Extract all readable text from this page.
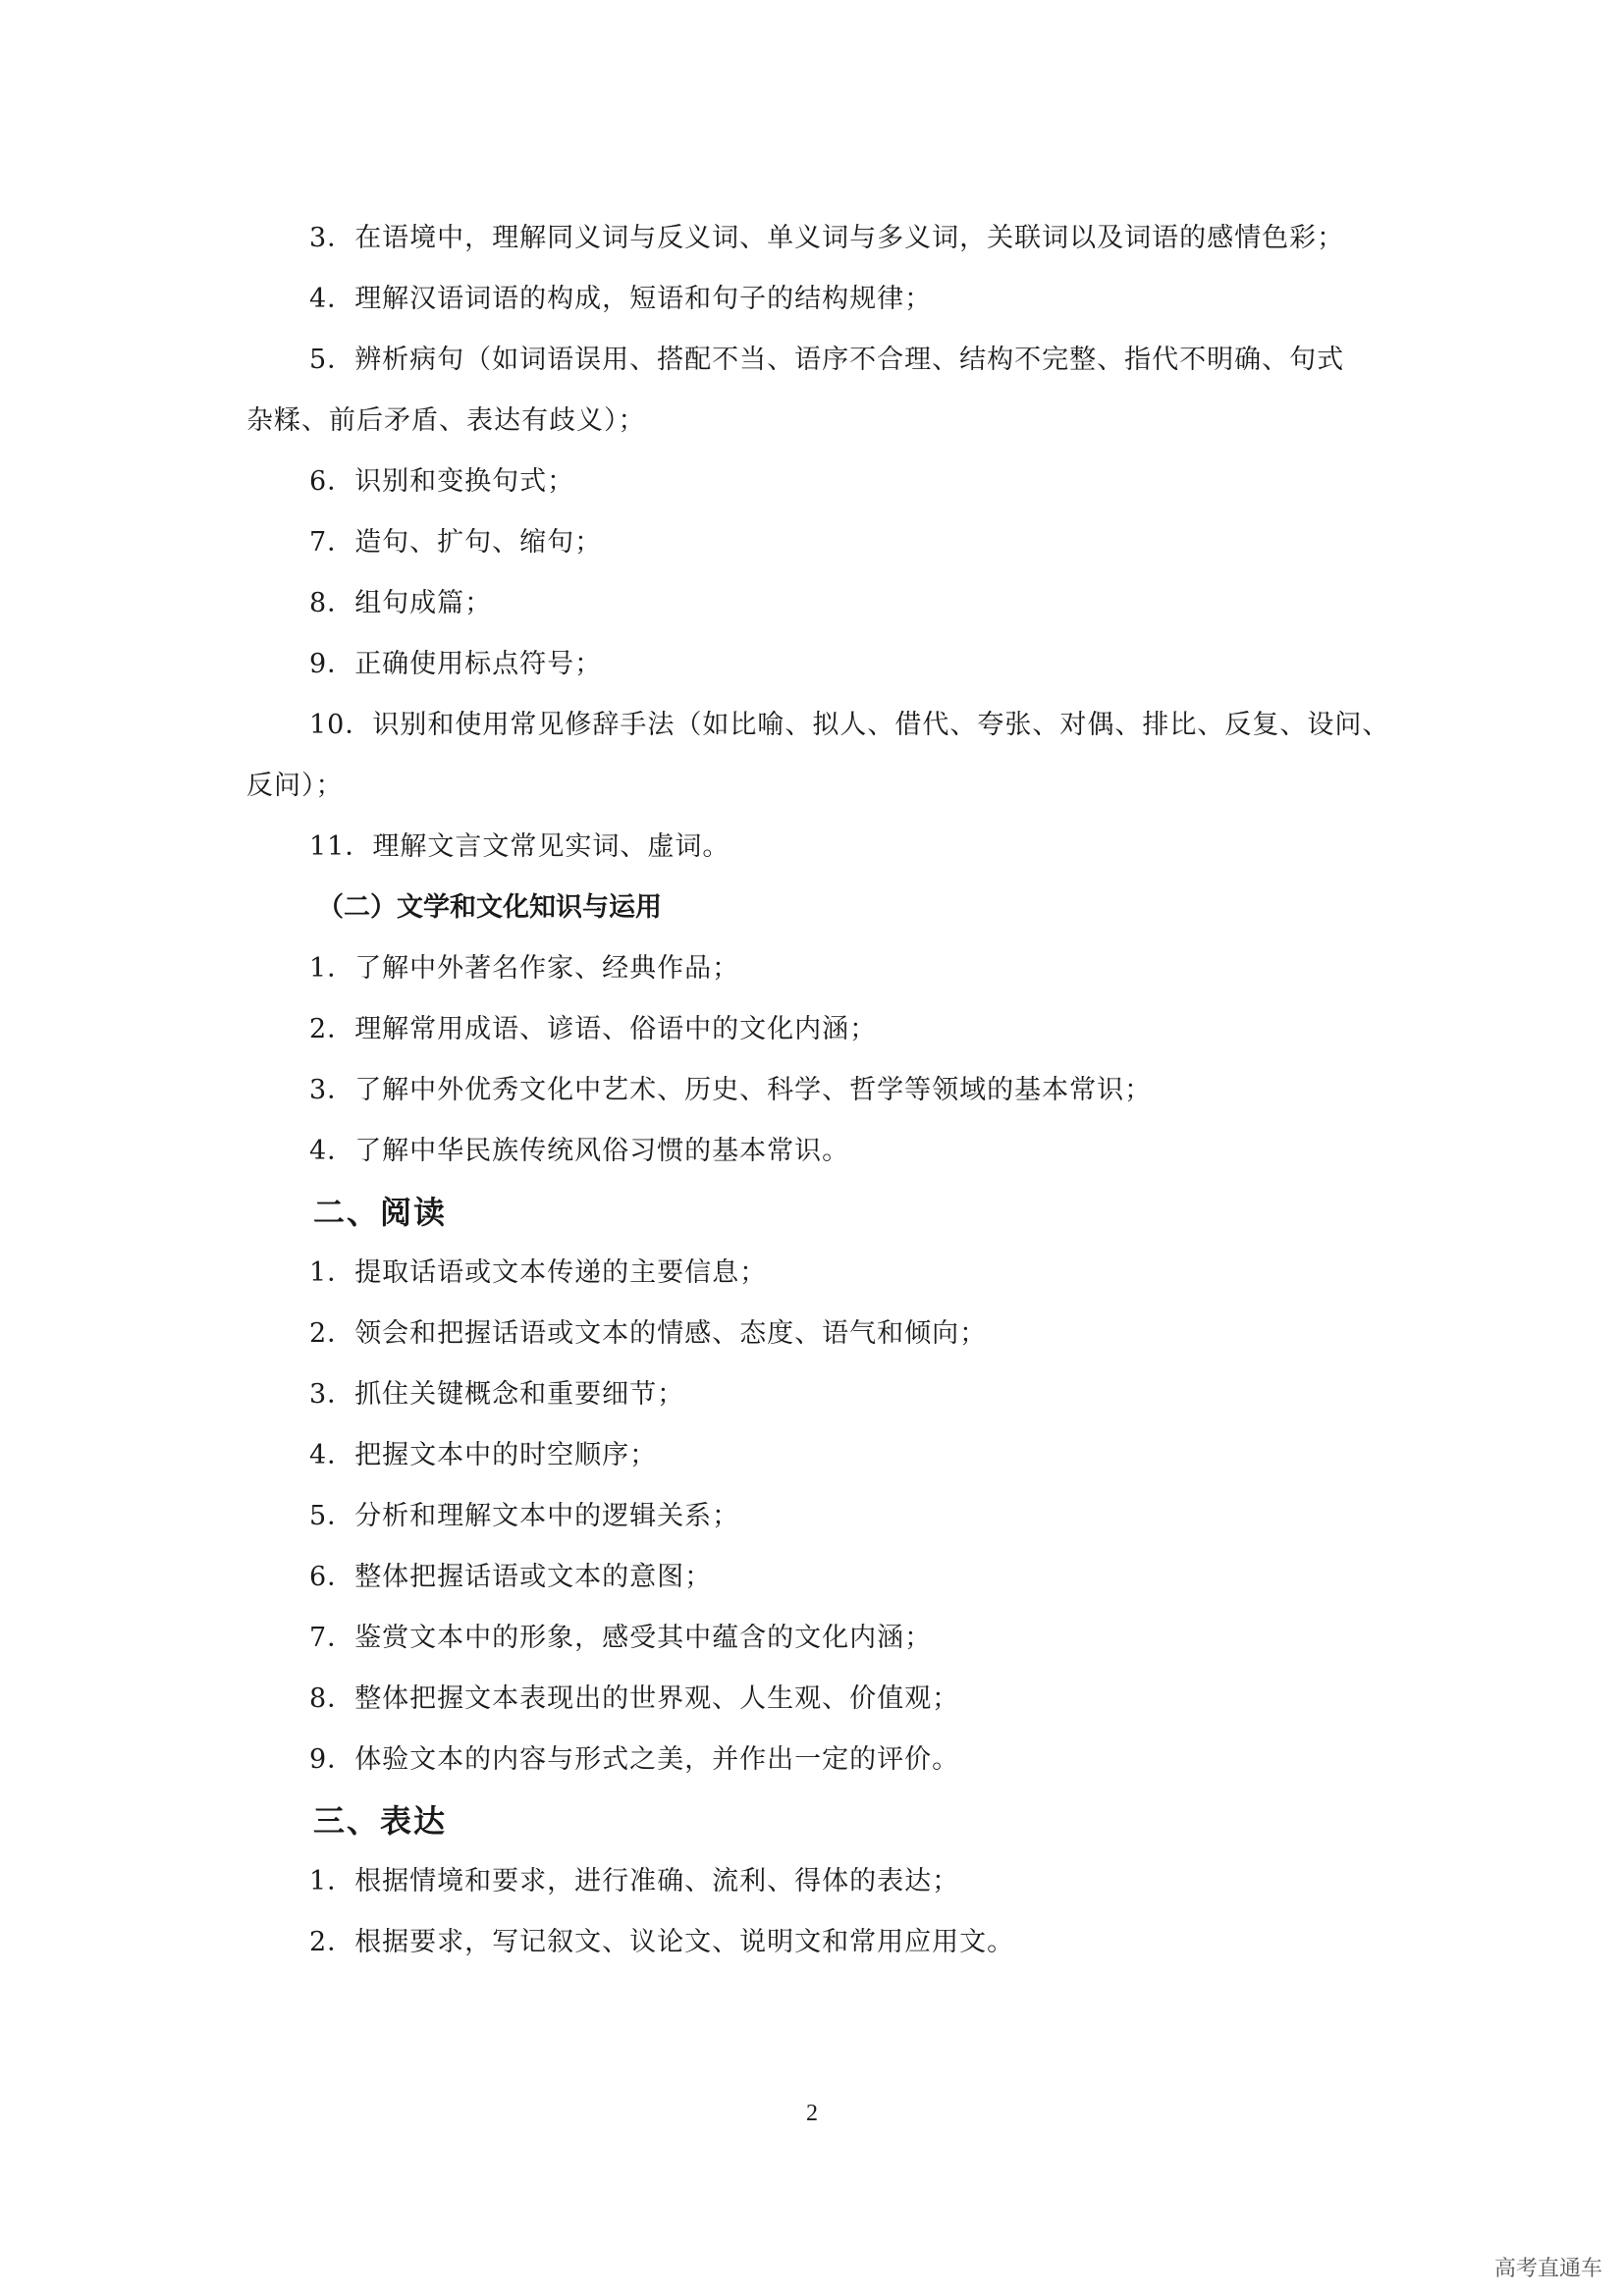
3．在语境中，理解同义词与反义词、单义词与多义词，关联词以及词语的感情色彩；
4．理解汉语词语的构成，短语和句子的结构规律；
5．辨析病句（如词语误用、搭配不当、语序不合理、结构不完整、指代不明确、句式
杂糅、前后矛盾、表达有歧义）；
6．识别和变换句式；
7．造句、扩句、缩句；
8．组句成篇；
9．正确使用标点符号；
10．识别和使用常见修辞手法（如比喻、拟人、借代、夸张、对偶、排比、反复、设问、
反问）；
11．理解文言文常见实词、虚词。
（二）文学和文化知识与运用
1．了解中外著名作家、经典作品；
2．理解常用成语、谚语、俗语中的文化内涵；
3．了解中外优秀文化中艺术、历史、科学、哲学等领域的基本常识；
4．了解中华民族传统风俗习惯的基本常识。
二、阅读
1．提取话语或文本传递的主要信息；
2．领会和把握话语或文本的情感、态度、语气和倾向；
3．抓住关键概念和重要细节；
4．把握文本中的时空顺序；
5．分析和理解文本中的逻辑关系；
6．整体把握话语或文本的意图；
7．鉴赏文本中的形象，感受其中蕴含的文化内涵；
8．整体把握文本表现出的世界观、人生观、价值观；
9．体验文本的内容与形式之美，并作出一定的评价。
三、表达
1．根据情境和要求，进行准确、流利、得体的表达；
2．根据要求，写记叙文、议论文、说明文和常用应用文。
2
高考直通车
